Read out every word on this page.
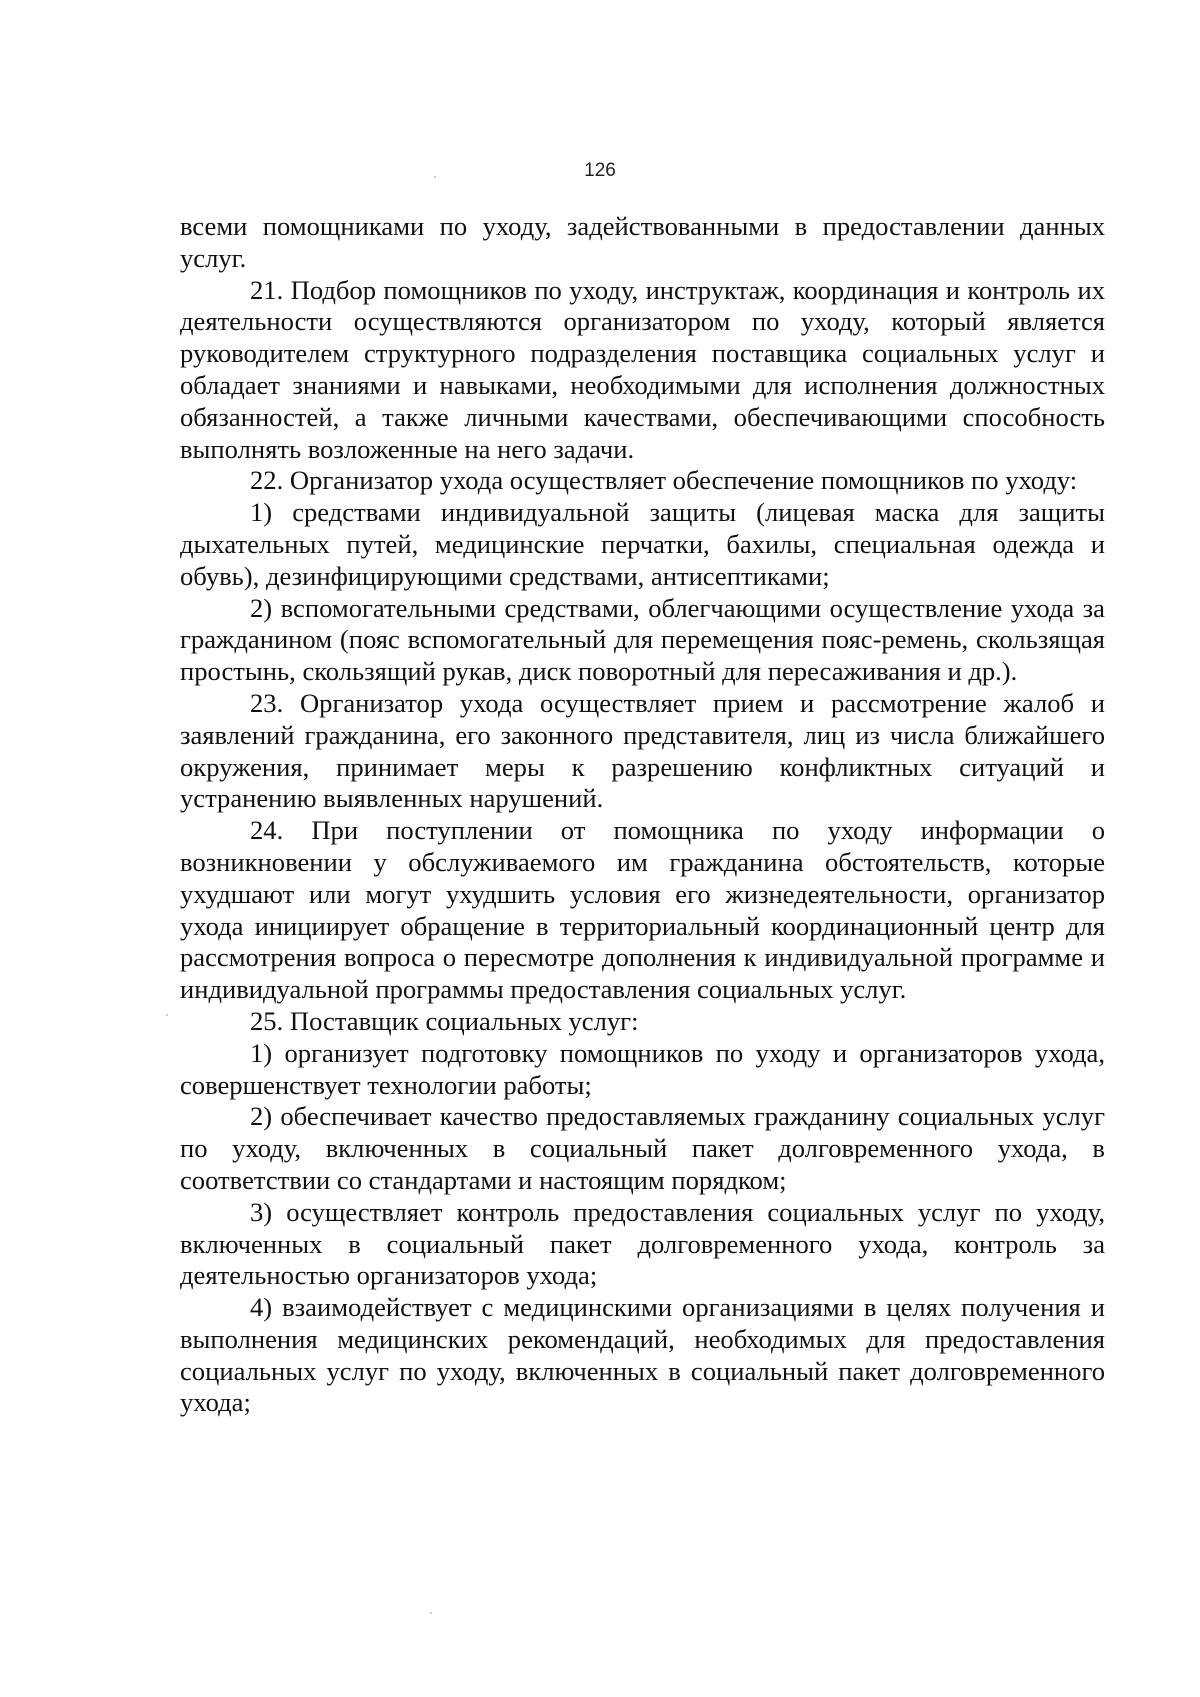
126

всеми помощниками по уходу, задействованными в предоставлении данных услуг.

21. Подбор помощников по уходу, инструктаж, координация и контроль их деятельности осуществляются организатором по уходу, который является руководителем структурного подразделения поставщика социальных услуг и обладает знаниями и навыками, необходимыми для исполнения должностных обязанностей, а также личными качествами, обеспечивающими способность выполнять возложенные на него задачи.

22. Организатор ухода осуществляет обеспечение помощников по уходу:

1) средствами индивидуальной защиты (лицевая маска для защиты дыхательных путей, медицинские перчатки, бахилы, специальная одежда и обувь), дезинфицирующими средствами, антисептиками;

2) вспомогательными средствами, облегчающими осуществление ухода за гражданином (пояс вспомогательный для перемещения пояс-ремень, скользящая простынь, скользящий рукав, диск поворотный для пересаживания и др.).

23. Организатор ухода осуществляет прием и рассмотрение жалоб и заявлений гражданина, его законного представителя, лиц из числа ближайшего окружения, принимает меры к разрешению конфликтных ситуаций и устранению выявленных нарушений.

24. При поступлении от помощника по уходу информации о возникновении у обслуживаемого им гражданина обстоятельств, которые ухудшают или могут ухудшить условия его жизнедеятельности, организатор ухода инициирует обращение в территориальный координационный центр для рассмотрения вопроса о пересмотре дополнения к индивидуальной программе и индивидуальной программы предоставления социальных услуг.

25. Поставщик социальных услуг:

1) организует подготовку помощников по уходу и организаторов ухода, совершенствует технологии работы;

2) обеспечивает качество предоставляемых гражданину социальных услуг по уходу, включенных в социальный пакет долговременного ухода, в соответствии со стандартами и настоящим порядком;

3) осуществляет контроль предоставления социальных услуг по уходу, включенных в социальный пакет долговременного ухода, контроль за деятельностью организаторов ухода;

4) взаимодействует с медицинскими организациями в целях получения и выполнения медицинских рекомендаций, необходимых для предоставления социальных услуг по уходу, включенных в социальный пакет долговременного ухода;
